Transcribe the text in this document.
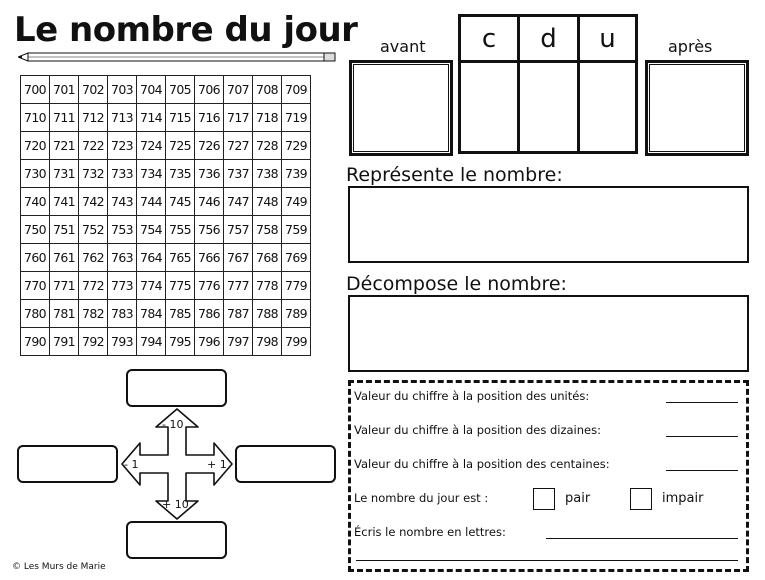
Le nombre du jour
700	701	702	703	704	705	706	707	708	709
710	711	712	713	714	715	716	717	718	719
720	721	722	723	724	725	726	727	728	729
730	731	732	733	734	735	736	737	738	739
740	741	742	743	744	745	746	747	748	749
750	751	752	753	754	755	756	757	758	759
760	761	762	763	764	765	766	767	768	769
770	771	772	773	774	775	776	777	778	779
780	781	782	783	784	785	786	787	788	789
790	791	792	793	794	795	796	797	798	799
avant	après
c	d	u
Représente le nombre:
Décompose le nombre:
Valeur du chiffre à la position des unités:
Valeur du chiffre à la position des dizaines:
Valeur du chiffre à la position des centaines:
Le nombre du jour est :	pair	impair
Écris le nombre en lettres:
- 10
+ 10
- 1	+ 1
© Les Murs de Marie
